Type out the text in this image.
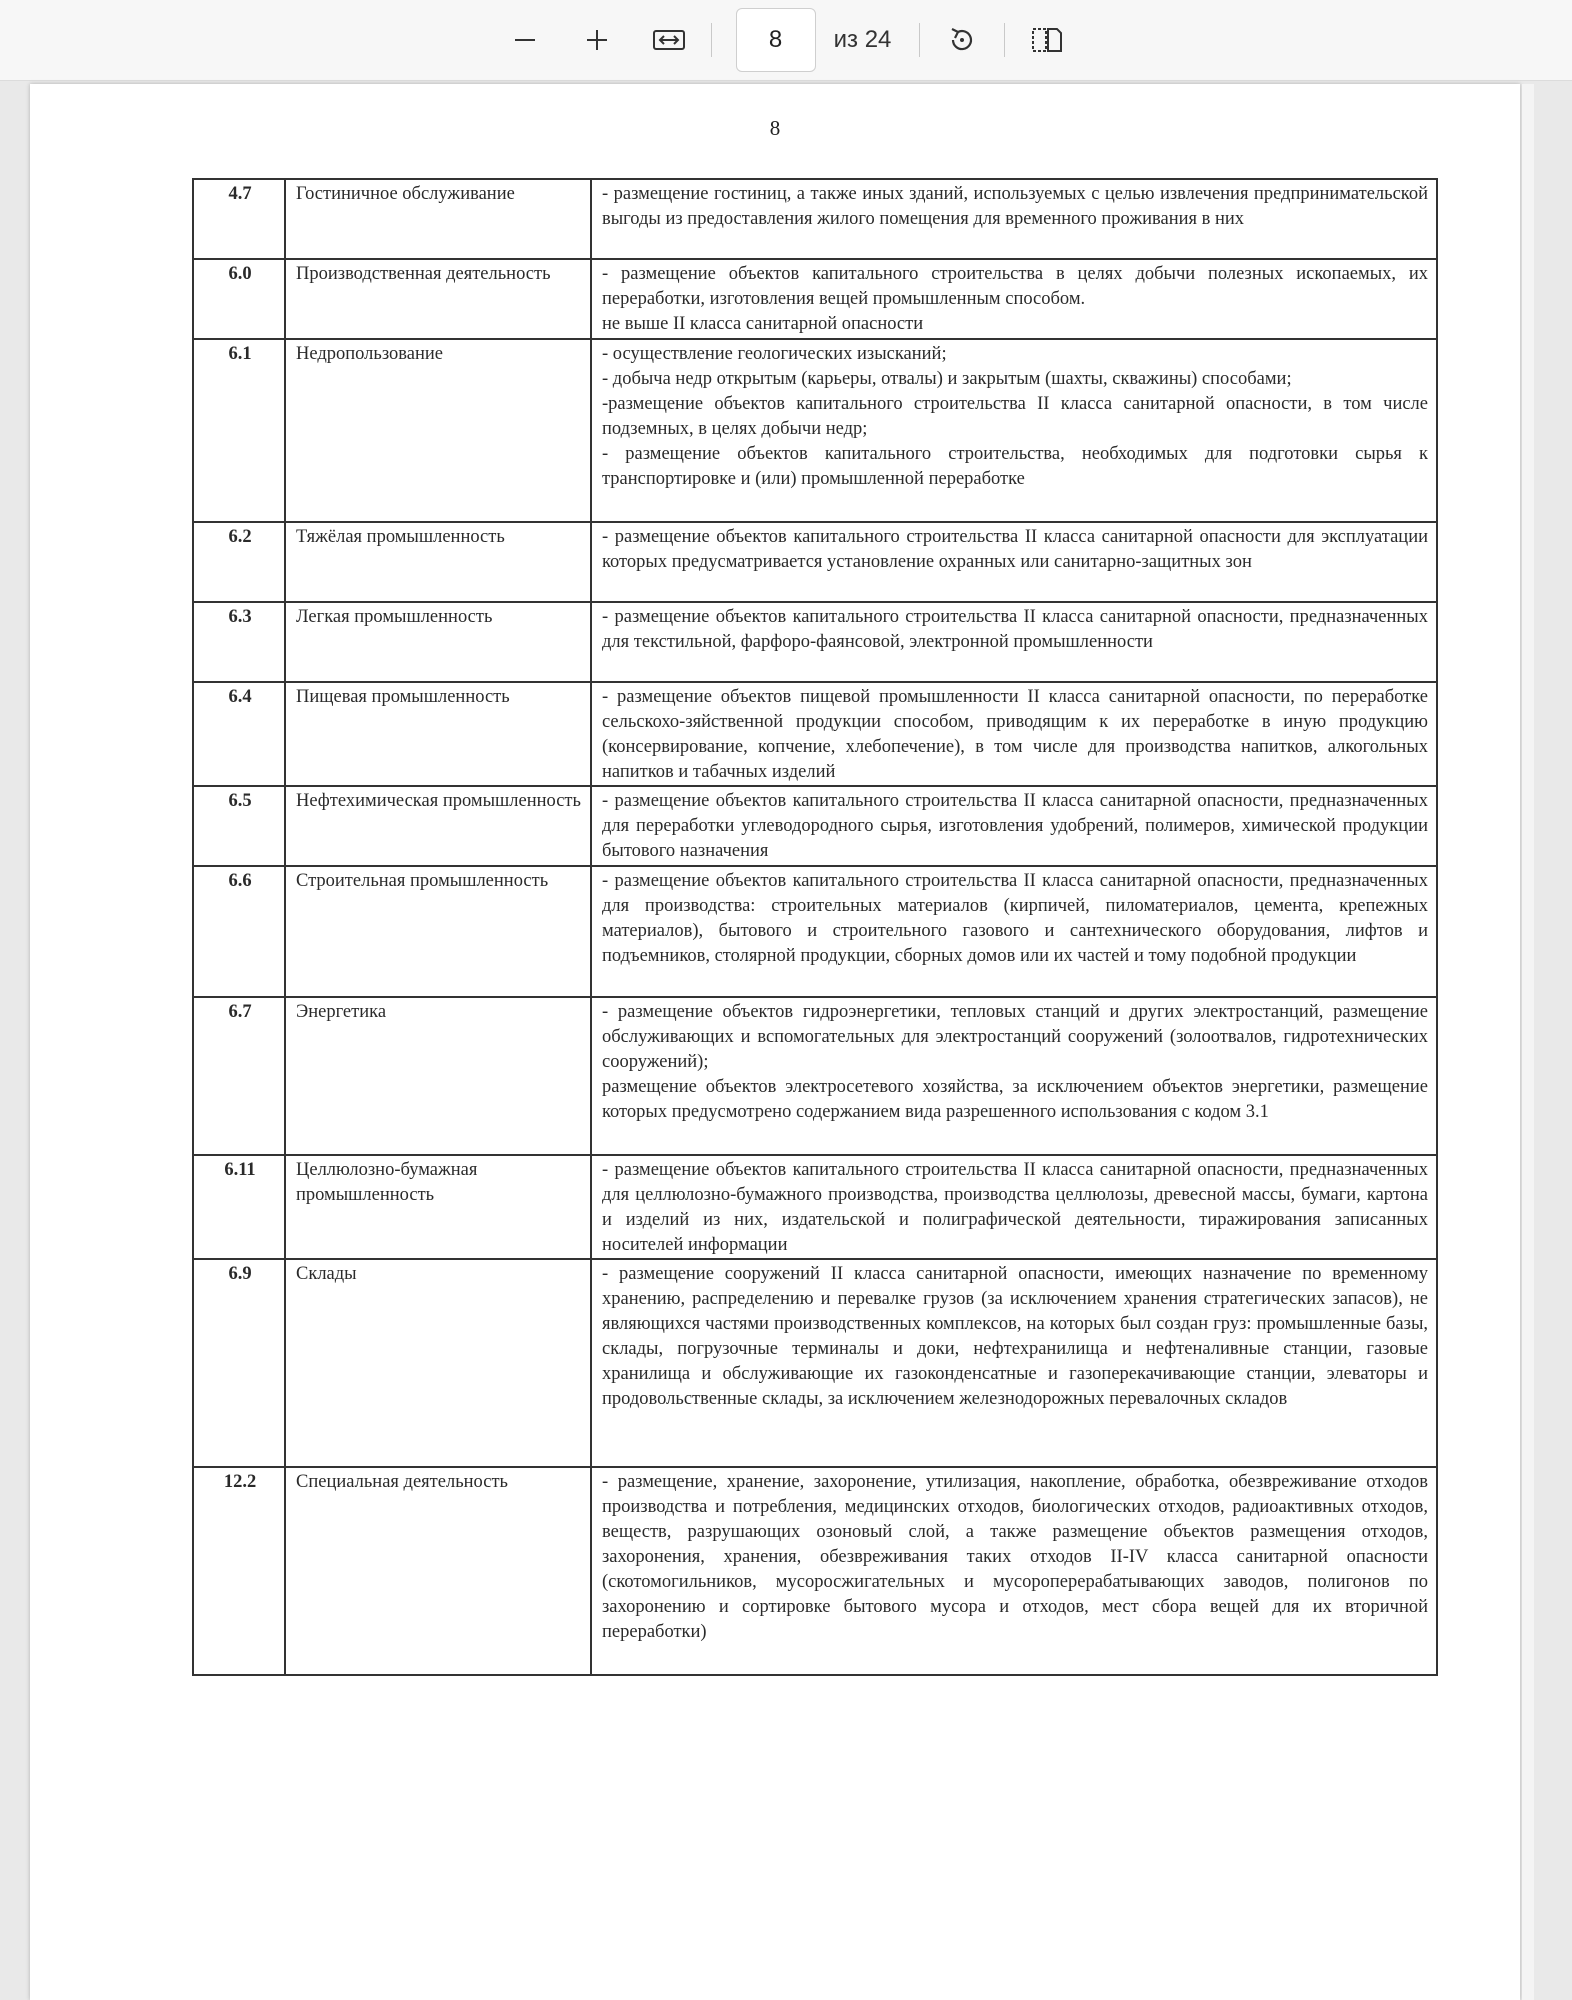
8
из 24
8
4.7	Гостиничное обслуживание	- размещение гостиниц, а также иных зданий, используемых с целью извлечения предпринимательской выгоды из предоставления жилого помещения для временного проживания в них

6.0	Производственная деятельность	- размещение объектов капитального строительства в целях добычи полезных ископаемых, их переработки, изготовления вещей промышленным способом.
не выше II класса санитарной опасности

6.1	Недропользование	- осуществление геологических изысканий;
- добыча недр открытым (карьеры, отвалы) и закрытым (шахты, скважины) способами;
-размещение объектов капитального строительства II класса санитарной опасности, в том числе подземных, в целях добычи недр;
- размещение объектов капитального строительства, необходимых для подготовки сырья к транспортировке и (или) промышленной переработке

6.2	Тяжёлая промышленность	- размещение объектов капитального строительства II класса санитарной опасности для эксплуатации которых предусматривается установление охранных или санитарно-защитных зон

6.3	Легкая промышленность	- размещение объектов капитального строительства II класса санитарной опасности, предназначенных для текстильной, фарфоро-фаянсовой, электронной промышленности

6.4	Пищевая промышленность	- размещение объектов пищевой промышленности II класса санитарной опасности, по переработке сельскохо-зяйственной продукции способом, приводящим к их переработке в иную продукцию (консервирование, копчение, хлебопечение), в том числе для производства напитков, алкогольных напитков и табачных изделий

6.5	Нефтехимическая промышленность	- размещение объектов капитального строительства II класса санитарной опасности, предназначенных для переработки углеводородного сырья, изготовления удобрений, полимеров, химической продукции бытового назначения

6.6	Строительная промышленность	- размещение объектов капитального строительства II класса санитарной опасности, предназначенных для производства: строительных материалов (кирпичей, пиломатериалов, цемента, крепежных материалов), бытового и строительного газового и сантехнического оборудования, лифтов и подъемников, столярной продукции, сборных домов или их частей и тому подобной продукции

6.7	Энергетика	- размещение объектов гидроэнергетики, тепловых станций и других электростанций, размещение обслуживающих и вспомогательных для электростанций сооружений (золоотвалов, гидротехнических сооружений);
размещение объектов электросетевого хозяйства, за исключением объектов энергетики, размещение которых предусмотрено содержанием вида разрешенного использования с кодом 3.1

6.11	Целлюлозно-бумажная промышленность	- размещение объектов капитального строительства II класса санитарной опасности, предназначенных для целлюлозно-бумажного производства, производства целлюлозы, древесной массы, бумаги, картона и изделий из них, издательской и полиграфической деятельности, тиражирования записанных носителей информации

6.9	Склады	- размещение сооружений II класса санитарной опасности, имеющих назначение по временному хранению, распределению и перевалке грузов (за исключением хранения стратегических запасов), не являющихся частями производственных комплексов, на которых был создан груз: промышленные базы, склады, погрузочные терминалы и доки, нефтехранилища и нефтеналивные станции, газовые хранилища и обслуживающие их газоконденсатные и газоперекачивающие станции, элеваторы и продовольственные склады, за исключением железнодорожных перевалочных складов

12.2	Специальная деятельность	- размещение, хранение, захоронение, утилизация, накопление, обработка, обезвреживание отходов производства и потребления, медицинских отходов, биологических отходов, радиоактивных отходов, веществ, разрушающих озоновый слой, а также размещение объектов размещения отходов, захоронения, хранения, обезвреживания таких отходов II-IV класса санитарной опасности (скотомогильников, мусоросжигательных и мусороперерабатывающих заводов, полигонов по захоронению и сортировке бытового мусора и отходов, мест сбора вещей для их вторичной переработки)
